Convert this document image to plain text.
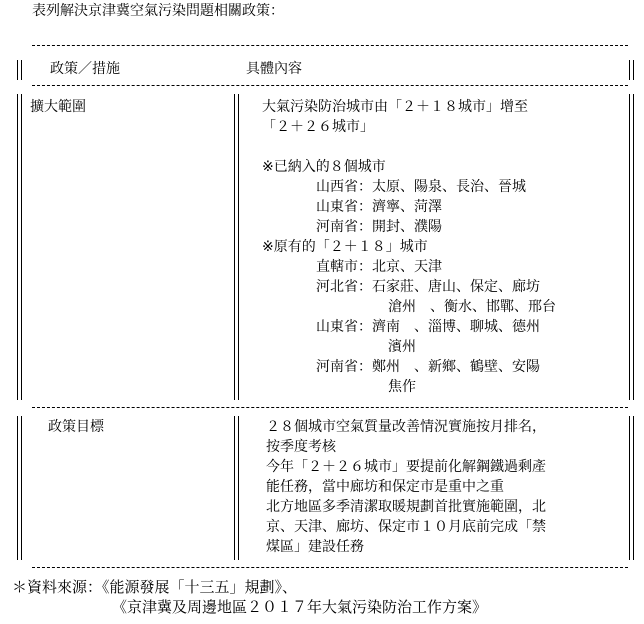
表列解決京津冀空氣污染問題相關政策：
政策／措施	具體內容
擴大範圍	大氣污染防治城市由「２＋１８城市」增至
「２＋２６城市」
※已納入的８個城市
山西省：太原、陽泉、長治、晉城
山東省：濟寧、菏澤
河南省：開封、濮陽
※原有的「２＋１８」城市
直轄市：北京、天津
河北省：石家莊、唐山、保定、廊坊
滄州　、衡水、邯鄲、邢台
山東省：濟南　、淄博、聊城、德州
濱州
河南省：鄭州　、新鄉、鶴壁、安陽
焦作
政策目標	２８個城市空氣質量改善情況實施按月排名，
按季度考核
今年「２＋２６城市」要提前化解鋼鐵過剩產
能任務，當中廊坊和保定市是重中之重
北方地區多季清潔取暖規劃首批實施範圍，北
京、天津、廊坊、保定市１０月底前完成「禁
煤區」建設任務
＊資料來源：《能源發展「十三五」規劃》、
《京津冀及周邊地區２０１７年大氣污染防治工作方案》
